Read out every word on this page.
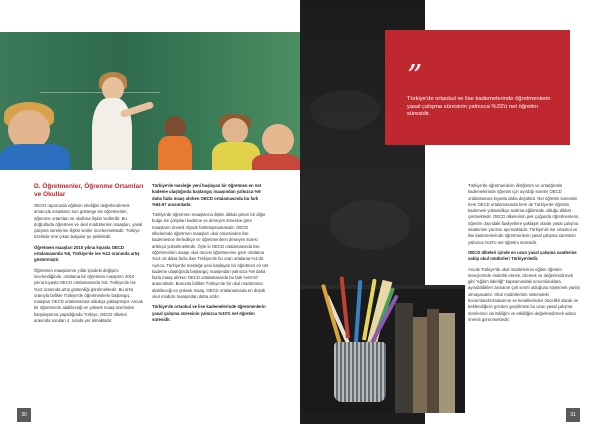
D. Öğretmenler, Öğrenme Ortamları ve Okullar

OECD raporunda eğitimin niteliğini değerlendirmek amacıyla insanların son gösterge ise öğretmenler, öğrenme ortamları ve okullara ilişkin verilerdir. Bu doğrultuda öğretmen ve okul müdürlerinin maaşları, yasal çalışma sürelerine ilişkin veriler incelenmektedir. Türkiye özelinde öne çıkan bulgular şu şekildedir.

Öğretmen maaşları 2010 yılına kıyasla OECD ortalamasında %5, Türkiye'de ise %12 oranında artış göstermiştir.

Öğretmen maaşlarının yıllar içindeki değişimi incelendiğinde, ortalama bir öğretmen maaşının 2010 yılına kıyasla OECD ortalamasında %5, Türkiye'de ise %12 oranında artış gösterdiği görülmektedir. Bu artış oranıyla birlikte Türkiye'de öğretmenlerin başlangıç maaşları OECD ortalamasına oldukça yaklaşmıştır. Ancak bir öğretmenin alabileceği en yüksek maaş üzerinden karşılaştırma yapıldığında Türkiye, OECD ülkeleri arasında sondan 4. sırada yer almaktadır.

Türkiye'de mesleğe yeni başlayan bir öğretmen en üst kademe ulaştığında başlangıç maaşından yalnızca %9 daha fazla maaş alırken OECD ortalamasında bu fark %64-67 arasındadır.

Türkiye'de öğretmen maaşlarına ilişkin dikkat çeken bir diğer bulgu ise çalışılan kademe ve deneyim süresine göre maaşların önemli ölçüde farklılaşmamasıdır. OECD ülkelerinde öğretmen maaşları okul öncesinden lise kademesine ilerledikçe ve öğretmenlerin deneyim süresi arttıkça yükselmektedir. Öyle ki OECD ortalamasında lise öğretmeninin maaşı okul öncesi öğretmenine göre ortalama %14-16 daha fazla iken Türkiye'de bu oran ortalama %1'dir. Ayrıca, Türkiye'de mesleğe yeni başlayan bir öğretmen en üst kademe ulaştığında başlangıç maaşından yalnızca %9 daha fazla maaş alırken OECD ortalamasında bu fark %64-67 arasındadır. Bununla birlikte Türkiye'de bir okul müdürünün alabileceği en yüksek maaş, OECD ortalamasında en düşük okul müdürü maaşından daha azdır.

Türkiye'de ortaokul ve lise kademelerinde öğretmenlerin yasal çalışma süresinin yalnızca %33'ü net öğretim süresidir.

30
”
Türkiye'de ortaokul ve lise kademelerinde öğretmenlerin yasal çalışma süresinin yalnızca %33'ü net öğretim süresidir.

Türkiye'de öğretmenlerin ilköğretim ve ortaöğretim kademelerinde öğretim için ayırdığı süreler OECD ortalamasına kıyasla daha düşüktür. Net öğretim süresinin hem OECD ortalamasında hem de Türkiye'de öğretim kademesi yükseldikçe azalma eğiliminde olduğu dikkat çekmektedir. OECD ülkelerinin pek çoğunda öğretmenlerin, öğretim dışındaki faaliyetlere yaklaşık olarak yasal çalışma saatlerinin yarısını ayırmaktadır. Türkiye'de ise ortaokul ve lise kademelerinde öğretmenlerin yasal çalışma süresinin yalnızca %33'ü net öğretim süresidir.

OECD ülkeleri içinde en uzun yasal çalışma saatlerine sahip okul müdürleri Türkiye'dedir.

Ancak Türkiye'de okul müdürlerinin eğitim öğretim süreçlerinde önderlik etmek, izlemek ve değerlendirmek gibi "eğitim liderliği" kapsamındaki sorumluluklara ayırabildikleri zamanın çok sınırlı olduğunu söylemek yanlış olmayacaktır. Okul müdürlerinin sistemdeki konumlandırılmalarının ve kendilerinden öncelikli olarak ne beklendiğinin gözden geçirilmesi bu uzun yasal çalışma sürelerinin verimliliğini ve etkililiğini değerlendirmek adına önemli görünmektedir.

31
